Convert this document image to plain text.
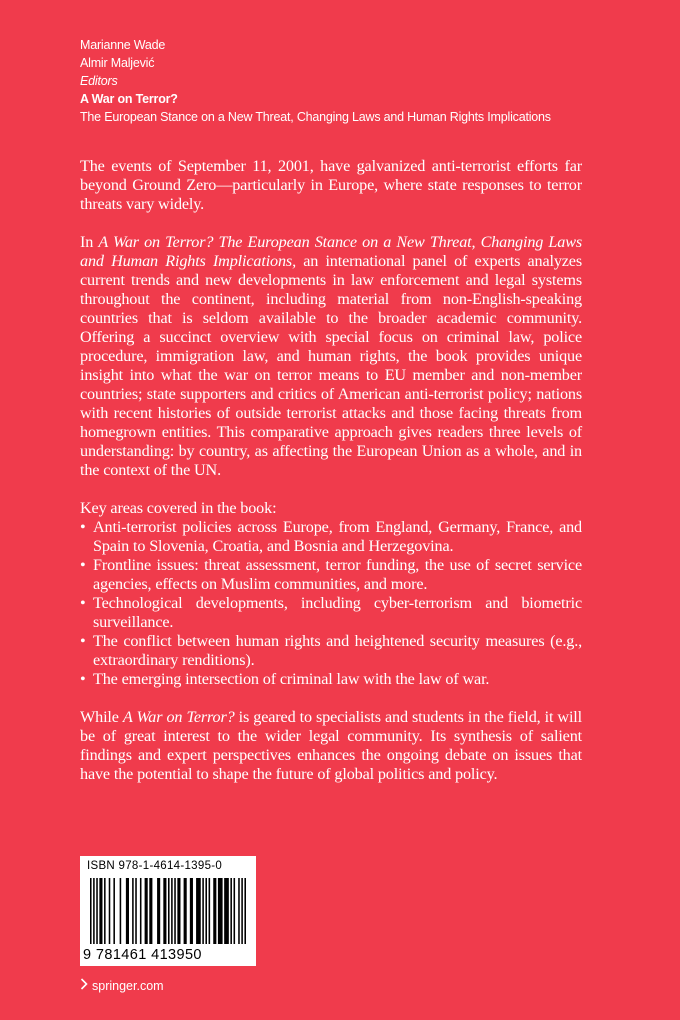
Marianne Wade
Almir Maljević
Editors
A War on Terror?
The European Stance on a New Threat, Changing Laws and Human Rights Implications

The events of September 11, 2001, have galvanized anti-terrorist efforts far beyond Ground Zero—particularly in Europe, where state responses to terror threats vary widely.

In A War on Terror? The European Stance on a New Threat, Changing Laws and Human Rights Implications, an international panel of experts analyzes current trends and new developments in law enforcement and legal systems throughout the continent, including material from non-English-speaking countries that is seldom available to the broader academic community. Offering a succinct overview with special focus on criminal law, police procedure, immigration law, and human rights, the book provides unique insight into what the war on terror means to EU member and non-member countries; state supporters and critics of American anti-terrorist policy; nations with recent histories of outside terrorist attacks and those facing threats from homegrown entities. This comparative approach gives readers three levels of understanding: by country, as affecting the European Union as a whole, and in the context of the UN.

Key areas covered in the book:
• Anti-terrorist policies across Europe, from England, Germany, France, and Spain to Slovenia, Croatia, and Bosnia and Herzegovina.
• Frontline issues: threat assessment, terror funding, the use of secret service agencies, effects on Muslim communities, and more.
• Technological developments, including cyber-terrorism and biometric surveillance.
• The conflict between human rights and heightened security measures (e.g., extraordinary renditions).
• The emerging intersection of criminal law with the law of war.

While A War on Terror? is geared to specialists and students in the field, it will be of great interest to the wider legal community. Its synthesis of salient findings and expert perspectives enhances the ongoing debate on issues that have the potential to shape the future of global politics and policy.

ISBN 978-1-4614-1395-0
9 781461 413950
springer.com
